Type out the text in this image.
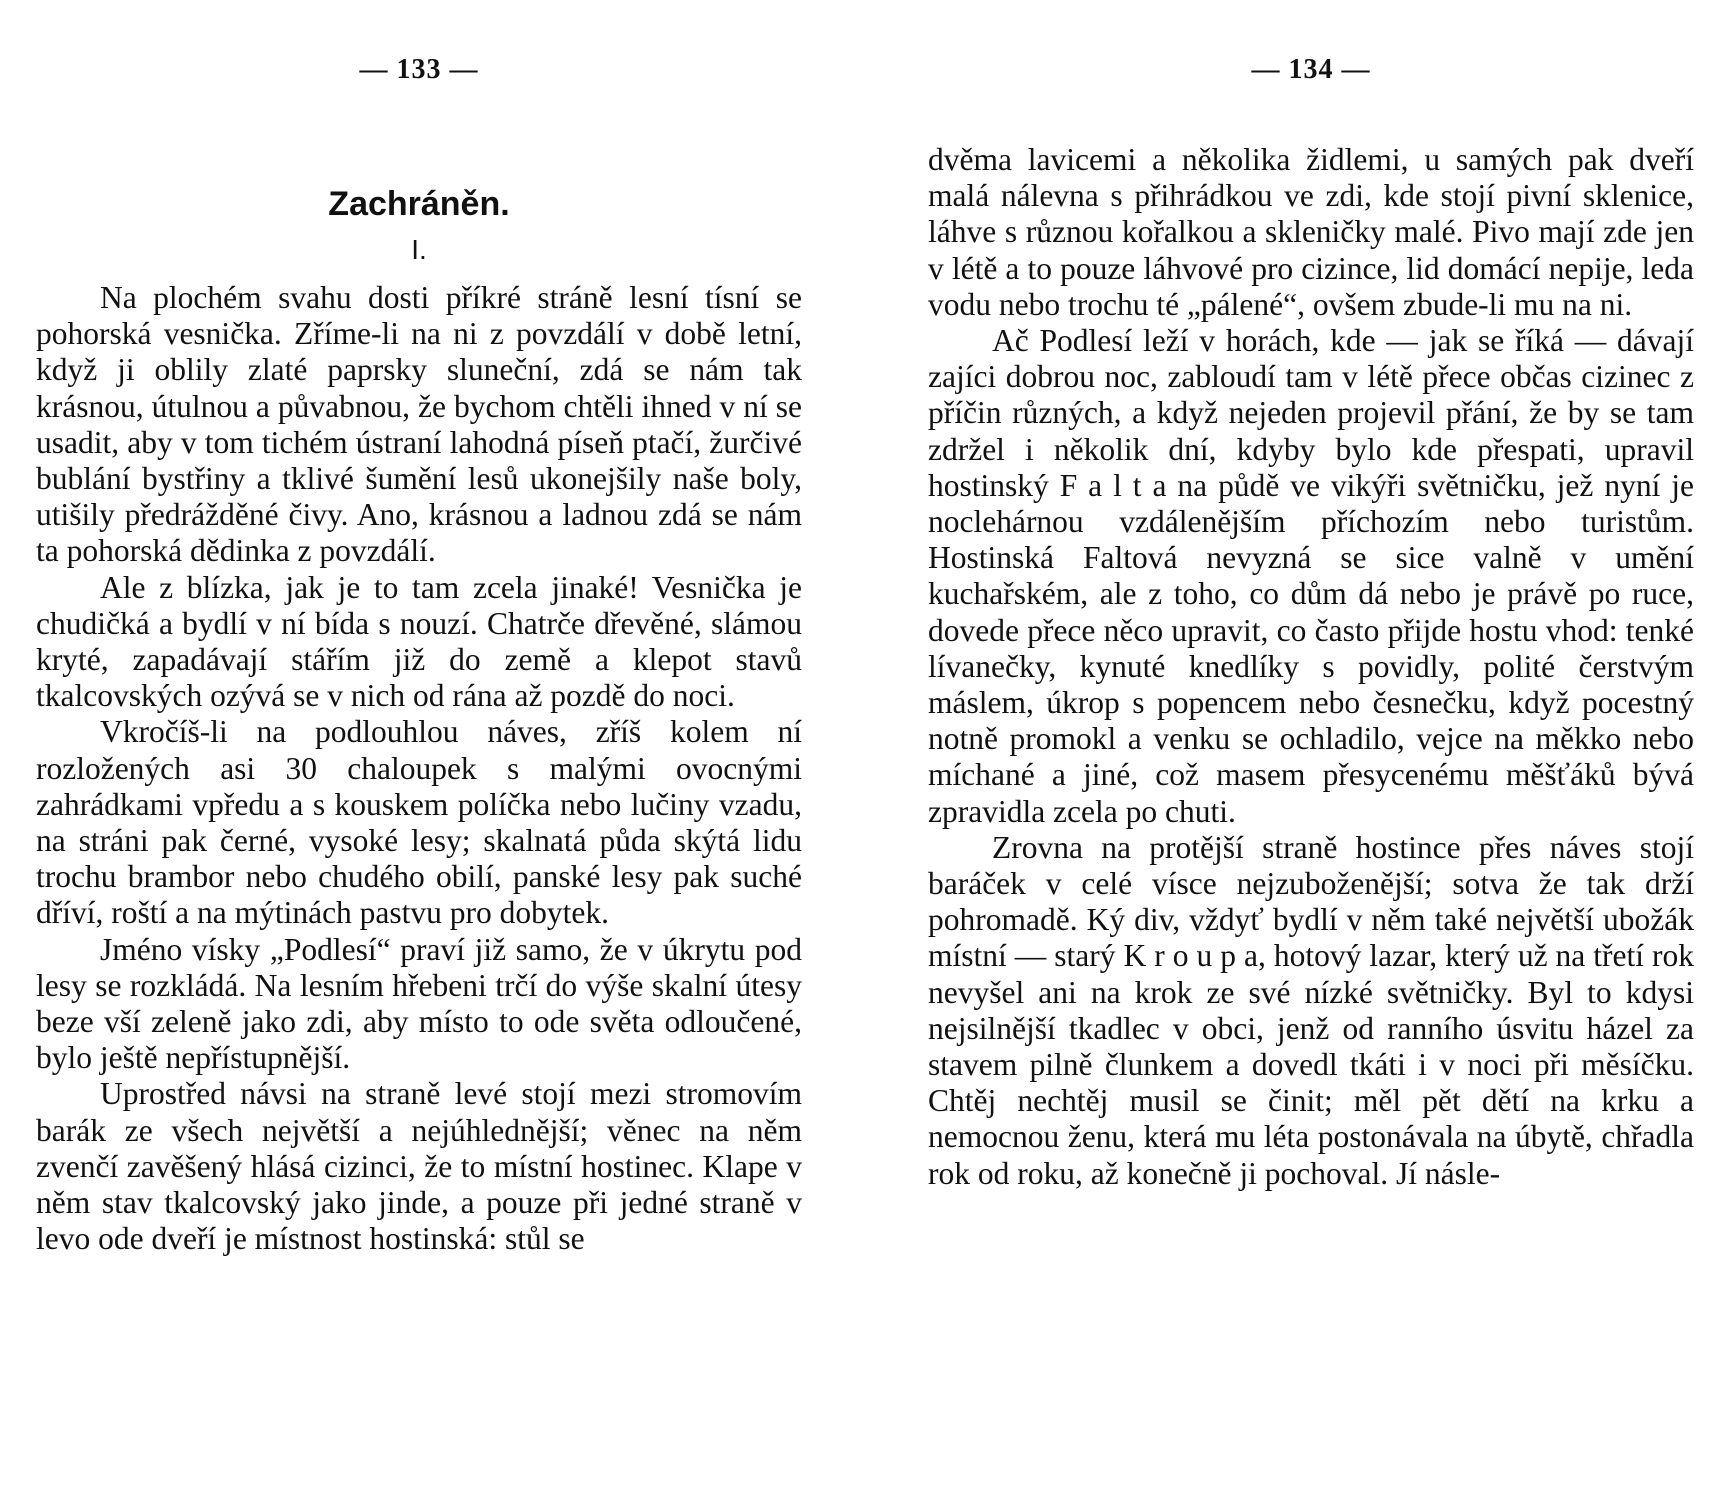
— 133 —
Zachráněn.
I.

Na plochém svahu dosti příkré stráně lesní tísní se pohorská vesnička. Zříme-li na ni z povzdálí v době letní, když ji oblily zlaté paprsky sluneční, zdá se nám tak krásnou, útulnou a půvabnou, že bychom chtěli ihned v ní se usadit, aby v tom tichém ústraní lahodná píseň ptačí, žurčivé bublání bystřiny a tklivé šumění lesů ukonejšily naše boly, utišily předrážděné čivy. Ano, krásnou a ladnou zdá se nám ta pohorská dědinka z povzdálí.

Ale z blízka, jak je to tam zcela jinaké! Vesnička je chudičká a bydlí v ní bída s nouzí. Chatrče dřevěné, slámou kryté, zapadávají stářím již do země a klepot stavů tkalcovských ozývá se v nich od rána až pozdě do noci.

Vkročíš-li na podlouhlou náves, zříš kolem ní rozložených asi 30 chaloupek s malými ovocnými zahrádkami vpředu a s kouskem políčka nebo lučiny vzadu, na stráni pak černé, vysoké lesy; skalnatá půda skýtá lidu trochu brambor nebo chudého obilí, panské lesy pak suché dříví, roští a na mýtinách pastvu pro dobytek.

Jméno vísky „Podlesí“ praví již samo, že v úkrytu pod lesy se rozkládá. Na lesním hřebeni trčí do výše skalní útesy beze vší zeleně jako zdi, aby místo to ode světa odloučené, bylo ještě nepřístupnější.

Uprostřed návsi na straně levé stojí mezi stromovím barák ze všech největší a nejúhlednější; věnec na něm zvenčí zavěšený hlásá cizinci, že to místní hostinec. Klape v něm stav tkalcovský jako jinde, a pouze při jedné straně v levo ode dveří je místnost hostinská: stůl se

— 134 —

dvěma lavicemi a několika židlemi, u samých pak dveří malá nálevna s přihrádkou ve zdi, kde stojí pivní sklenice, láhve s různou kořalkou a skleničky malé. Pivo mají zde jen v létě a to pouze láhvové pro cizince, lid domácí nepije, leda vodu nebo trochu té „pálené“, ovšem zbude-li mu na ni.

Ač Podlesí leží v horách, kde — jak se říká — dávají zajíci dobrou noc, zabloudí tam v létě přece občas cizinec z příčin různých, a když nejeden projevil přání, že by se tam zdržel i několik dní, kdyby bylo kde přespati, upravil hostinský F a l t a na půdě ve vikýři světničku, jež nyní je noclehárnou vzdálenějším příchozím nebo turistům. Hostinská Faltová nevyzná se sice valně v umění kuchařském, ale z toho, co dům dá nebo je právě po ruce, dovede přece něco upravit, co často přijde hostu vhod: tenké lívanečky, kynuté knedlíky s povidly, polité čerstvým máslem, úkrop s popencem nebo česnečku, když pocestný notně promokl a venku se ochladilo, vejce na měkko nebo míchané a jiné, což masem přesycenému měšťáků bývá zpravidla zcela po chuti.

Zrovna na protější straně hostince přes náves stojí baráček v celé vísce nejzuboženější; sotva že tak drží pohromadě. Ký div, vždyť bydlí v něm také největší ubožák místní — starý K r o u p a, hotový lazar, který už na třetí rok nevyšel ani na krok ze své nízké světničky. Byl to kdysi nejsilnější tkadlec v obci, jenž od ranního úsvitu házel za stavem pilně člunkem a dovedl tkáti i v noci při měsíčku. Chtěj nechtěj musil se činit; měl pět dětí na krku a nemocnou ženu, která mu léta postonávala na úbytě, chřadla rok od roku, až konečně ji pochoval. Jí násle-
